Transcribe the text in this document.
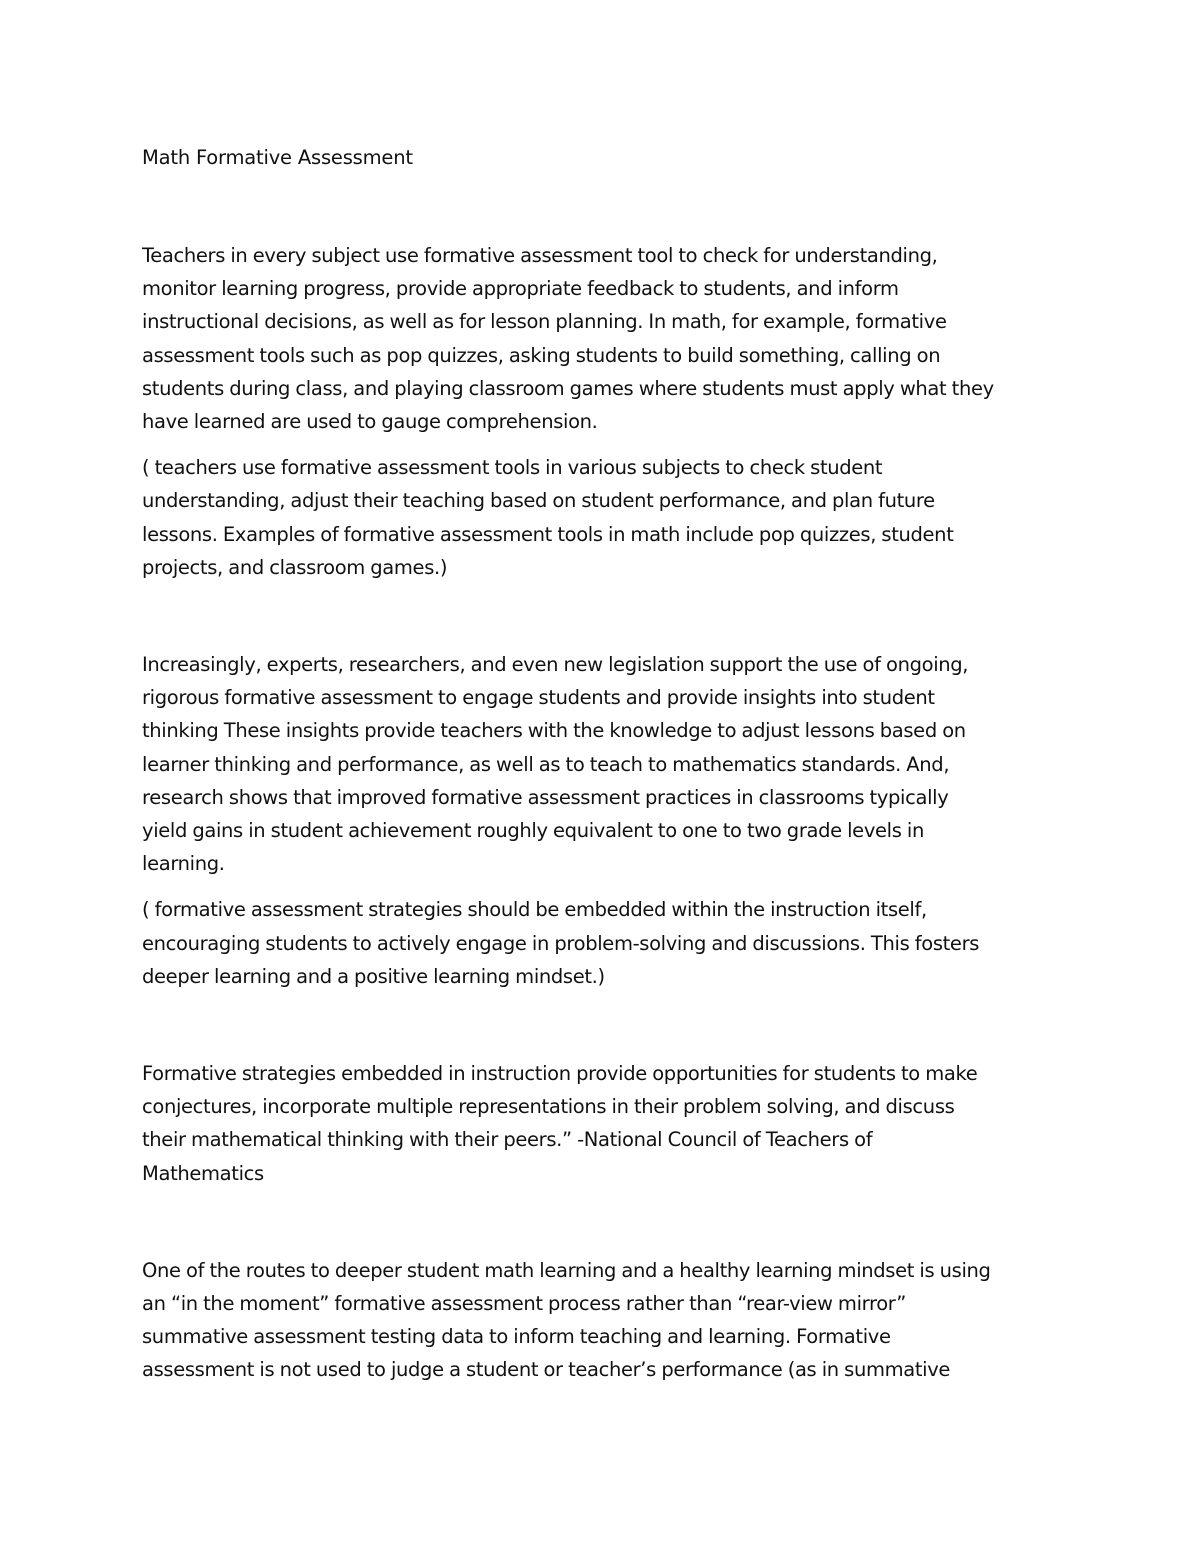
Math Formative Assessment

Teachers in every subject use formative assessment tool to check for understanding,
monitor learning progress, provide appropriate feedback to students, and inform
instructional decisions, as well as for lesson planning. In math, for example, formative
assessment tools such as pop quizzes, asking students to build something, calling on
students during class, and playing classroom games where students must apply what they
have learned are used to gauge comprehension.

( teachers use formative assessment tools in various subjects to check student
understanding, adjust their teaching based on student performance, and plan future
lessons. Examples of formative assessment tools in math include pop quizzes, student
projects, and classroom games.)

Increasingly, experts, researchers, and even new legislation support the use of ongoing,
rigorous formative assessment to engage students and provide insights into student
thinking These insights provide teachers with the knowledge to adjust lessons based on
learner thinking and performance, as well as to teach to mathematics standards. And,
research shows that improved formative assessment practices in classrooms typically
yield gains in student achievement roughly equivalent to one to two grade levels in
learning.

( formative assessment strategies should be embedded within the instruction itself,
encouraging students to actively engage in problem-solving and discussions. This fosters
deeper learning and a positive learning mindset.)

Formative strategies embedded in instruction provide opportunities for students to make
conjectures, incorporate multiple representations in their problem solving, and discuss
their mathematical thinking with their peers.” -National Council of Teachers of
Mathematics

One of the routes to deeper student math learning and a healthy learning mindset is using
an “in the moment” formative assessment process rather than “rear-view mirror”
summative assessment testing data to inform teaching and learning. Formative
assessment is not used to judge a student or teacher’s performance (as in summative
